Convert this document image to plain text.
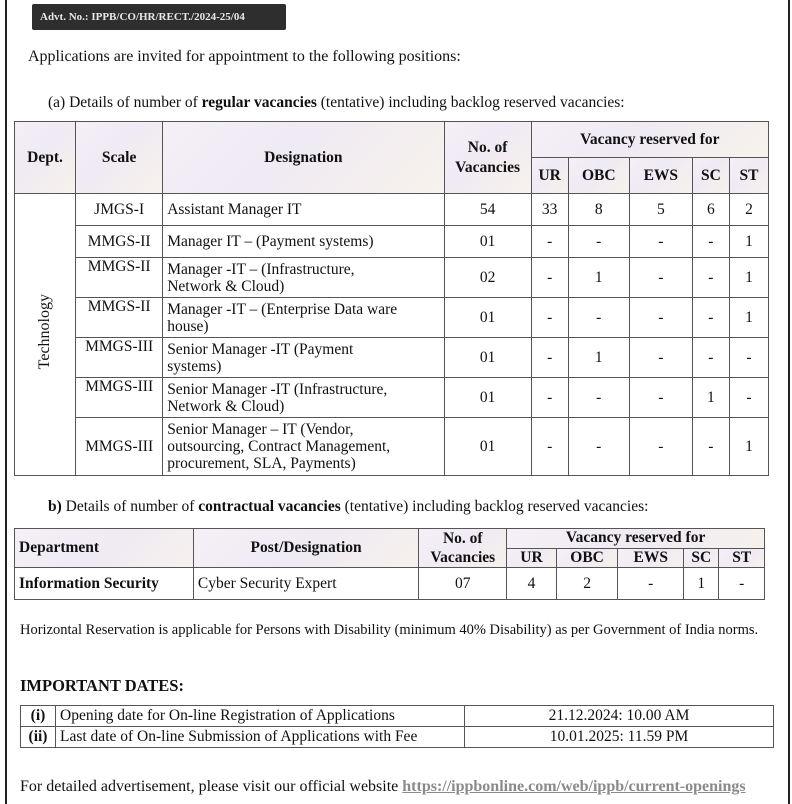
Advt. No.: IPPB/CO/HR/RECT./2024-25/04
Applications are invited for appointment to the following positions:
(a) Details of number of regular vacancies (tentative) including backlog reserved vacancies:
Dept.	Scale	Designation	No. of
Vacancies	Vacancy reserved for				
				UR	OBC	EWS	SC	ST
Technology	JMGS-I	Assistant Manager IT	54	33	8	5	6	2
	MMGS-II	Manager IT – (Payment systems)	01	-	-	-	-	1
	MMGS-II	Manager -IT – (Infrastructure,
Network & Cloud)	02	-	1	-	-	1
	MMGS-II	Manager -IT – (Enterprise Data ware
house)	01	-	-	-	-	1
	MMGS-III	Senior Manager -IT (Payment
systems)	01	-	1	-	-	-
	MMGS-III	Senior Manager -IT (Infrastructure,
Network & Cloud)	01	-	-	-	1	-
	MMGS-III	Senior Manager – IT (Vendor,
outsourcing, Contract Management,
procurement, SLA, Payments)	01	-	-	-	-	1
b) Details of number of contractual vacancies (tentative) including backlog reserved vacancies:
Department	Post/Designation	No. of
Vacancies	Vacancy reserved for				
			UR	OBC	EWS	SC	ST
Information Security	Cyber Security Expert	07	4	2	-	1	-
Horizontal Reservation is applicable for Persons with Disability (minimum 40% Disability) as per Government of India norms.
IMPORTANT DATES:
(i)	Opening date for On-line Registration of Applications	21.12.2024: 10.00 AM
(ii)	Last date of On-line Submission of Applications with Fee	10.01.2025: 11.59 PM
For detailed advertisement, please visit our official website https://ippbonline.com/web/ippb/current-openings
